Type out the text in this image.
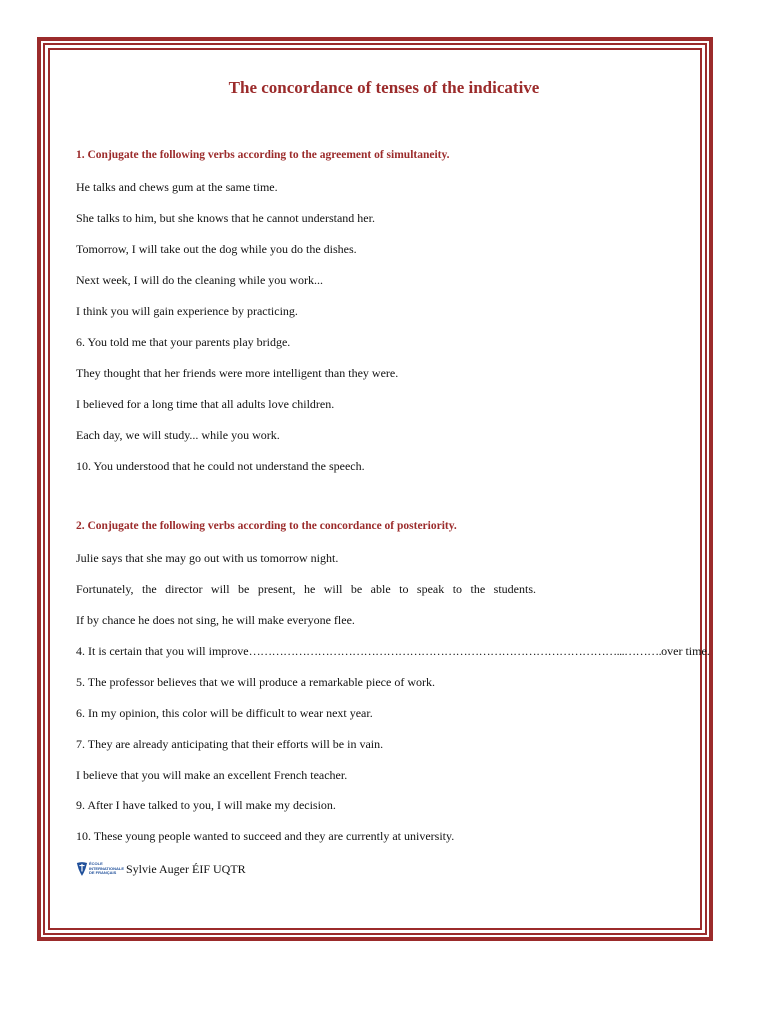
The concordance of tenses of the indicative

1. Conjugate the following verbs according to the agreement of simultaneity.

He talks and chews gum at the same time.

She talks to him, but she knows that he cannot understand her.

Tomorrow, I will take out the dog while you do the dishes.

Next week, I will do the cleaning while you work...

I think you will gain experience by practicing.

6. You told me that your parents play bridge.

They thought that her friends were more intelligent than they were.

I believed for a long time that all adults love children.

Each day, we will study... while you work.

10. You understood that he could not understand the speech.

2. Conjugate the following verbs according to the concordance of posteriority.

Julie says that she may go out with us tomorrow night.

Fortunately, the director will be present, he will be able to speak to the students.

If by chance he does not sing, he will make everyone flee.

4. It is certain that you will improve……………………………………………………………………………………...……….over time.

5. The professor believes that we will produce a remarkable piece of work.

6. In my opinion, this color will be difficult to wear next year.

7. They are already anticipating that their efforts will be in vain.

I believe that you will make an excellent French teacher.

9. After I have talked to you, I will make my decision.

10. These young people wanted to succeed and they are currently at university.

ÉCOLE
INTERNATIONALE
DE FRANÇAIS Sylvie Auger ÉIF UQTR
